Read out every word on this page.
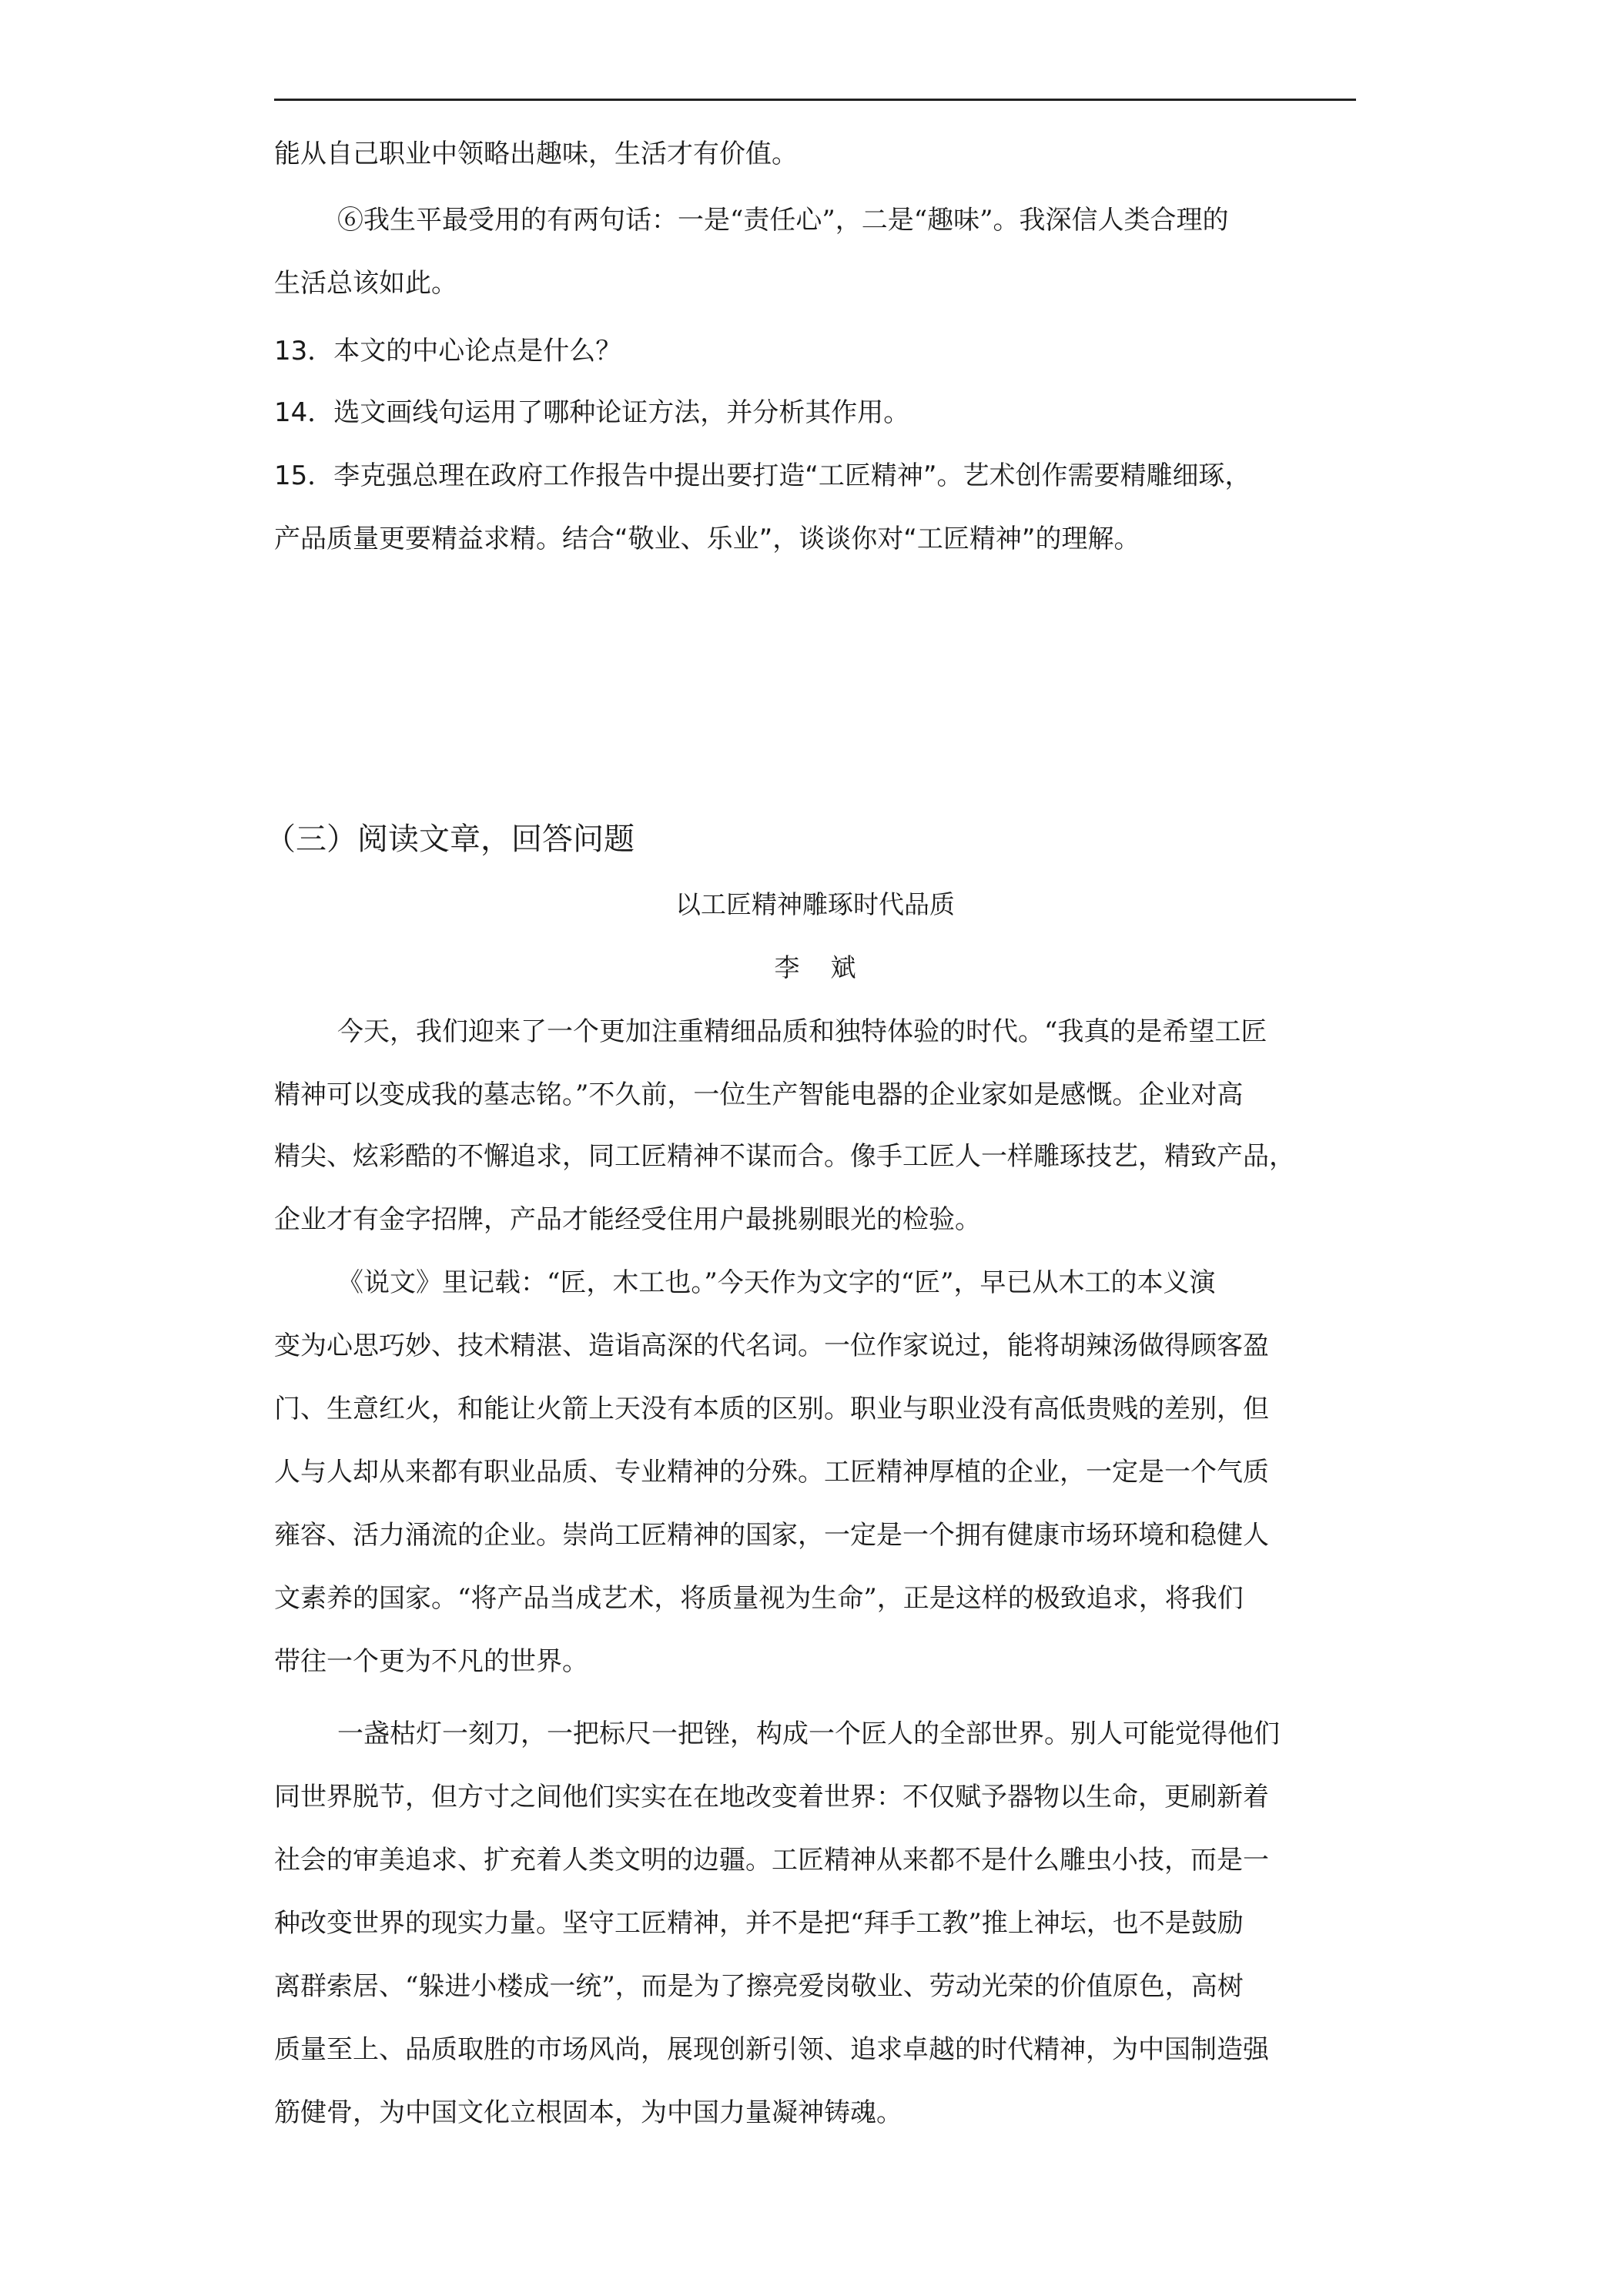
能从自己职业中领略出趣味，生活才有价值。
⑥我生平最受用的有两句话：一是“责任心”，二是“趣味”。我深信人类合理的
生活总该如此。
13．本文的中心论点是什么？
14．选文画线句运用了哪种论证方法，并分析其作用。
15．李克强总理在政府工作报告中提出要打造“工匠精神”。艺术创作需要精雕细琢，
产品质量更要精益求精。结合“敬业、乐业”，谈谈你对“工匠精神”的理解。
（三）阅读文章，回答问题
以工匠精神雕琢时代品质
李斌
今天，我们迎来了一个更加注重精细品质和独特体验的时代。“我真的是希望工匠
精神可以变成我的墓志铭。”不久前，一位生产智能电器的企业家如是感慨。企业对高
精尖、炫彩酷的不懈追求，同工匠精神不谋而合。像手工匠人一样雕琢技艺，精致产品，
企业才有金字招牌，产品才能经受住用户最挑剔眼光的检验。
《说文》里记载：“匠，木工也。”今天作为文字的“匠”，早已从木工的本义演
变为心思巧妙、技术精湛、造诣高深的代名词。一位作家说过，能将胡辣汤做得顾客盈
门、生意红火，和能让火箭上天没有本质的区别。职业与职业没有高低贵贱的差别，但
人与人却从来都有职业品质、专业精神的分殊。工匠精神厚植的企业，一定是一个气质
雍容、活力涌流的企业。崇尚工匠精神的国家，一定是一个拥有健康市场环境和稳健人
文素养的国家。“将产品当成艺术，将质量视为生命”，正是这样的极致追求，将我们
带往一个更为不凡的世界。
一盏枯灯一刻刀，一把标尺一把锉，构成一个匠人的全部世界。别人可能觉得他们
同世界脱节，但方寸之间他们实实在在地改变着世界：不仅赋予器物以生命，更刷新着
社会的审美追求、扩充着人类文明的边疆。工匠精神从来都不是什么雕虫小技，而是一
种改变世界的现实力量。坚守工匠精神，并不是把“拜手工教”推上神坛，也不是鼓励
离群索居、“躲进小楼成一统”，而是为了擦亮爱岗敬业、劳动光荣的价值原色，高树
质量至上、品质取胜的市场风尚，展现创新引领、追求卓越的时代精神，为中国制造强
筋健骨，为中国文化立根固本，为中国力量凝神铸魂。
